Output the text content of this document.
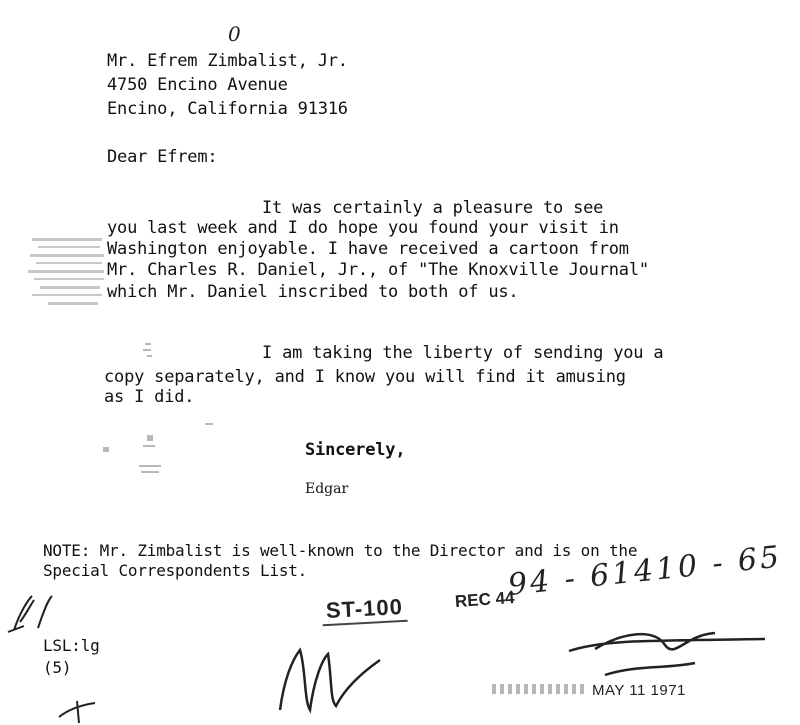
0
Mr. Efrem Zimbalist, Jr.
4750 Encino Avenue
Encino, California 91316
Dear Efrem:
It was certainly a pleasure to see
you last week and I do hope you found your visit in
Washington enjoyable. I have received a cartoon from
Mr. Charles R. Daniel, Jr., of "The Knoxville Journal"
which Mr. Daniel inscribed to both of us.
I am taking the liberty of sending you a
copy separately, and I know you will find it amusing
as I did.
Sincerely,
Edgar
NOTE: Mr. Zimbalist is well-known to the Director and is on the
Special Correspondents List.
LSL:lg
(5)
ST-100	REC 44
94 - 61410 - 65
MAY 11 1971
